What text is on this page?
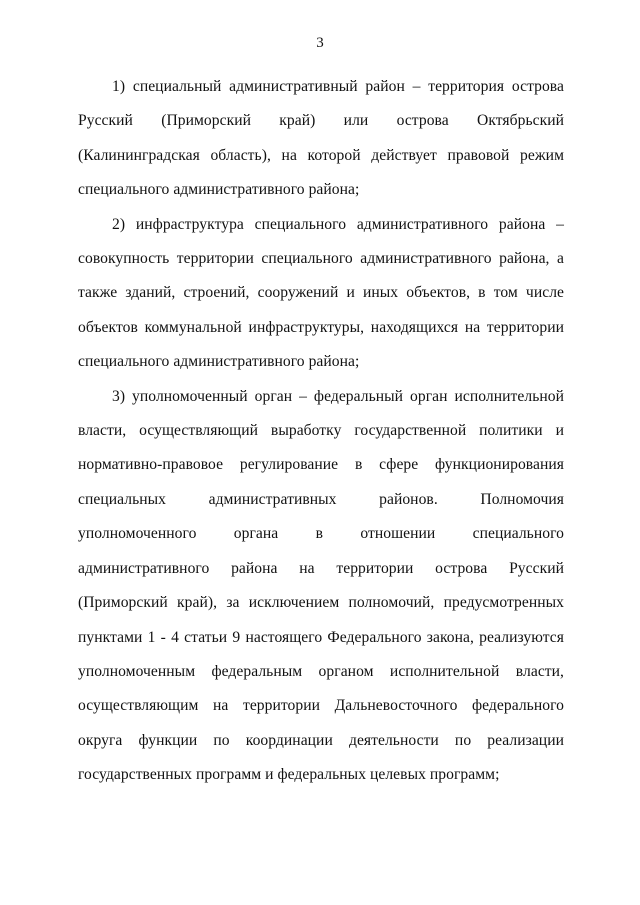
3

1) специальный административный район – территория острова Русский (Приморский край) или острова Октябрьский (Калининградская область), на которой действует правовой режим специального административного района;

2) инфраструктура специального административного района – совокупность территории специального административного района, а также зданий, строений, сооружений и иных объектов, в том числе объектов коммунальной инфраструктуры, находящихся на территории специального административного района;

3) уполномоченный орган – федеральный орган исполнительной власти, осуществляющий выработку государственной политики и нормативно-правовое регулирование в сфере функционирования специальных административных районов. Полномочия уполномоченного органа в отношении специального административного района на территории острова Русский (Приморский край), за исключением полномочий, предусмотренных пунктами 1 - 4 статьи 9 настоящего Федерального закона, реализуются уполномоченным федеральным органом исполнительной власти, осуществляющим на территории Дальневосточного федерального округа функции по координации деятельности по реализации государственных программ и федеральных целевых программ;
